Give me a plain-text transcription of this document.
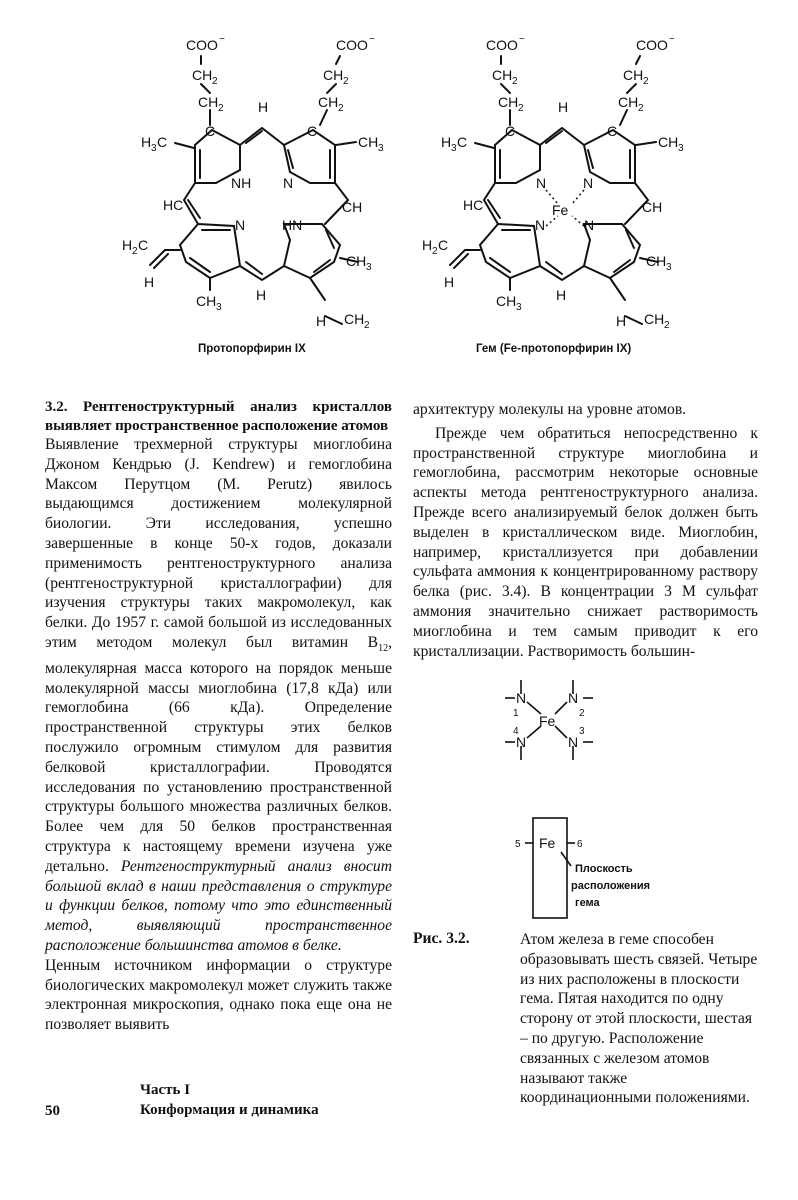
COO −	COO −
CH 2	CH 2
CH 2	CH 2
H
H 3 C	CH 3
C	C
NH N
HC	CH
N	HN
H 2 C
H
CH 3
CH 3
H
H CH 2
Протопорфирин IX
COO −	COO −
CH 2	CH 2
CH 2	CH 2
H
H 3 C	CH 3
C	C
N	N
HC	Fe	CH
N	N
H 2 C
H
CH 3
CH 3
H
H CH 2
Гем (Fe-протопорфирин IX)

3.2. Рентгеноструктурный анализ кристаллов выявляет пространственное расположение атомов

Выявление трехмерной структуры миоглобина Джоном Кендрью (J. Kendrew) и гемоглобина Максом Перутцом (M. Perutz) явилось выдающимся достижением молекулярной биологии. Эти исследования, успешно завершенные в конце 50-х годов, доказали применимость рентгеноструктурного анализа (рентгеноструктурной кристаллографии) для изучения структуры таких макромолекул, как белки. До 1957 г. самой большой из исследованных этим методом молекул был витамин $B_{12}$, молекулярная масса которого на порядок меньше молекулярной массы миоглобина (17,8 кДа) или гемоглобина (66 кДа). Определение пространственной структуры этих белков послужило огромным стимулом для развития белковой кристаллографии. Проводятся исследования по установлению пространственной структуры большого множества различных белков. Более чем для 50 белков пространственная структура к настоящему времени изучена уже детально. Рентгеноструктурный анализ вносит большой вклад в наши представления о структуре и функции белков, потому что это единственный метод, выявляющий пространственное расположение большинства атомов в белке.

Ценным источником информации о структуре биологических макромолекул может служить также электронная микроскопия, однако пока еще она не позволяет выявить

архитектуру молекулы на уровне атомов.

Прежде чем обратиться непосредственно к пространственной структуре миоглобина и гемоглобина, рассмотрим некоторые основные аспекты метода рентгеноструктурного анализа. Прежде всего анализируемый белок должен быть выделен в кристаллическом виде. Миоглобин, например, кристаллизуется при добавлении сульфата аммония к концентрированному раствору белка (рис. 3.4). В концентрации 3 М сульфат аммония значительно снижает растворимость миоглобина и тем самым приводит к его кристаллизации. Растворимость большин-

N	N
Fe
N	N
Fe
1	2
4	3
5	6
Плоскость
расположения
гема
Рис. 3.2.	Атом железа в геме способен образовывать шесть связей. Четыре из них расположены в плоскости гема. Пятая находится по одну сторону от этой плоскости, шестая – по другую. Расположение связанных с железом атомов называют также координационными положениями.
50
Часть I
Конформация и динамика
